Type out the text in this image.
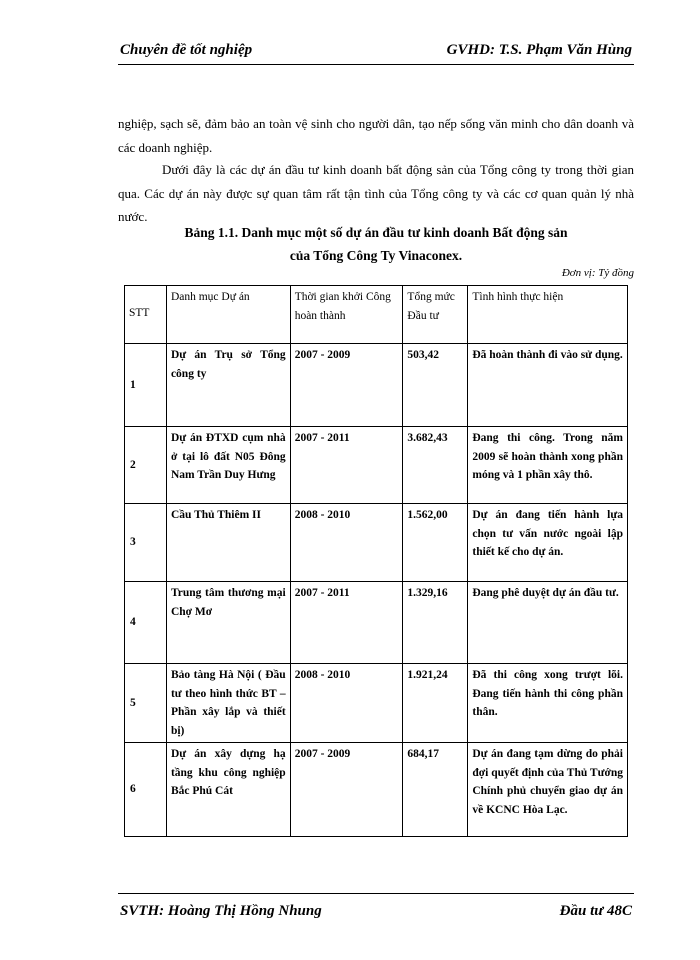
Chuyên đề tốt nghiệp	GVHD: T.S. Phạm Văn Hùng
nghiệp, sạch sẽ, đảm bảo an toàn vệ sinh cho người dân, tạo nếp sống văn minh cho dân doanh và các doanh nghiệp.
Dưới đây là các dự án đầu tư kinh doanh bất động sản của Tổng công ty trong thời gian qua. Các dự án này được sự quan tâm rất tận tình của Tổng công ty và các cơ quan quản lý nhà nước.
Bảng 1.1. Danh mục một số dự án đầu tư kinh doanh Bất động sản
của Tổng Công Ty Vinaconex.
Đơn vị: Tỷ đồng
STT	Danh mục Dự án	Thời gian khởi Công hoàn thành	Tổng mức Đầu tư	Tình hình thực hiện
1	Dự án Trụ sở Tổng công ty	2007 - 2009	503,42	Đã hoàn thành đi vào sử dụng.
2	Dự án ĐTXD cụm nhà ở tại lô đất N05 Đông Nam Trần Duy Hưng	2007 - 2011	3.682,43	Đang thi công. Trong năm 2009 sẽ hoàn thành xong phần móng và 1 phần xây thô.
3	Cầu Thủ Thiêm II	2008 - 2010	1.562,00	Dự án đang tiến hành lựa chọn tư vấn nước ngoài lập thiết kế cho dự án.
4	Trung tâm thương mại Chợ Mơ	2007 - 2011	1.329,16	Đang phê duyệt dự án đầu tư.
5	Bảo tàng Hà Nội ( Đầu tư theo hình thức BT – Phần xây lắp và thiết bị)	2008 - 2010	1.921,24	Đã thi công xong trượt lõi. Đang tiến hành thi công phần thân.
6	Dự án xây dựng hạ tầng khu công nghiệp Bắc Phú Cát	2007 - 2009	684,17	Dự án đang tạm dừng do phải đợi quyết định của Thủ Tướng Chính phủ chuyển giao dự án về KCNC Hòa Lạc.
SVTH: Hoàng Thị Hồng Nhung	Đầu tư 48C
